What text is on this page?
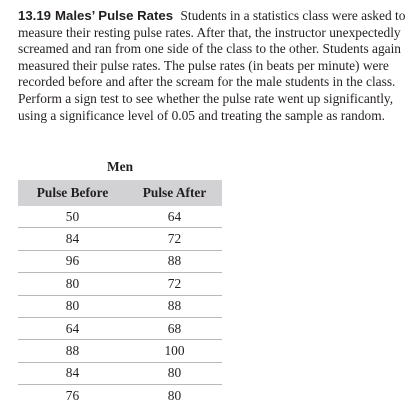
13.19 Males’ Pulse Rates Students in a statistics class were asked to measure their resting pulse rates. After that, the instructor unexpectedly screamed and ran from one side of the class to the other. Students again measured their pulse rates. The pulse rates (in beats per minute) were recorded before and after the scream for the male students in the class. Perform a sign test to see whether the pulse rate went up significantly, using a significance level of 0.05 and treating the sample as random.
Men
Pulse Before	Pulse After
50	64
84	72
96	88
80	72
80	88
64	68
88	100
84	80
76	80
